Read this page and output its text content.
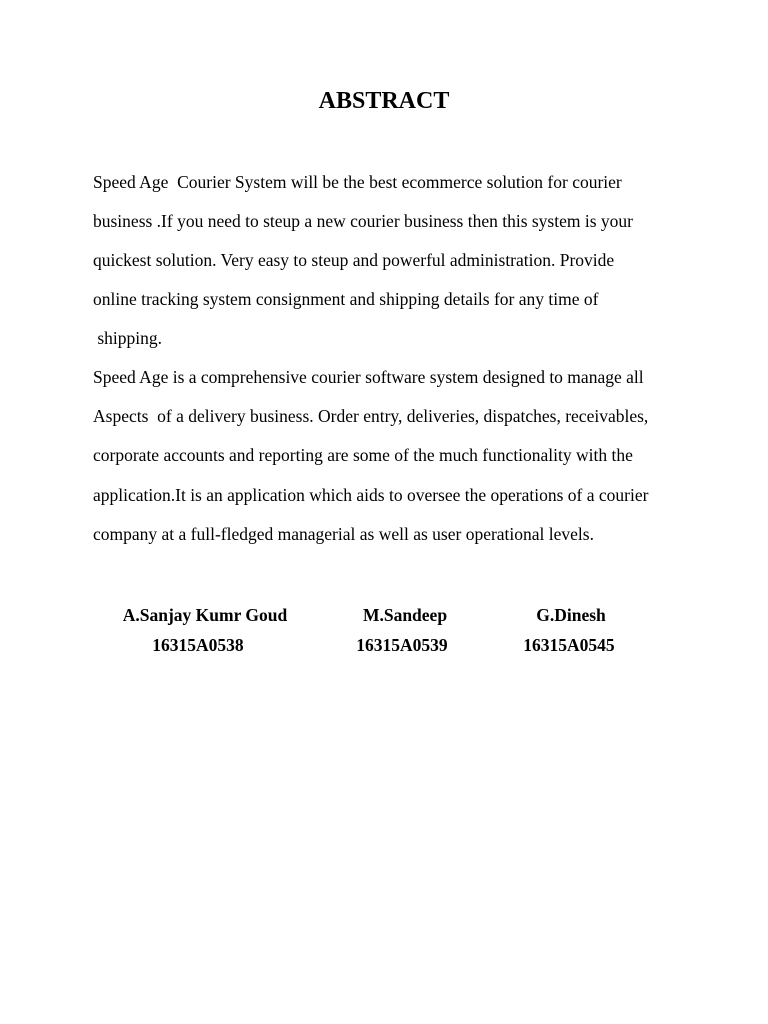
ABSTRACT

Speed Age  Courier System will be the best ecommerce solution for courier

business .If you need to steup a new courier business then this system is your

quickest solution. Very easy to steup and powerful administration. Provide

online tracking system consignment and shipping details for any time of

shipping.

Speed Age is a comprehensive courier software system designed to manage all

Aspects  of a delivery business. Order entry, deliveries, dispatches, receivables,

corporate accounts and reporting are some of the much functionality with the

application.It is an application which aids to oversee the operations of a courier

company at a full-fledged managerial as well as user operational levels.

A.Sanjay Kumr Goud
16315A0538
M.Sandeep
16315A0539
G.Dinesh
16315A0545
